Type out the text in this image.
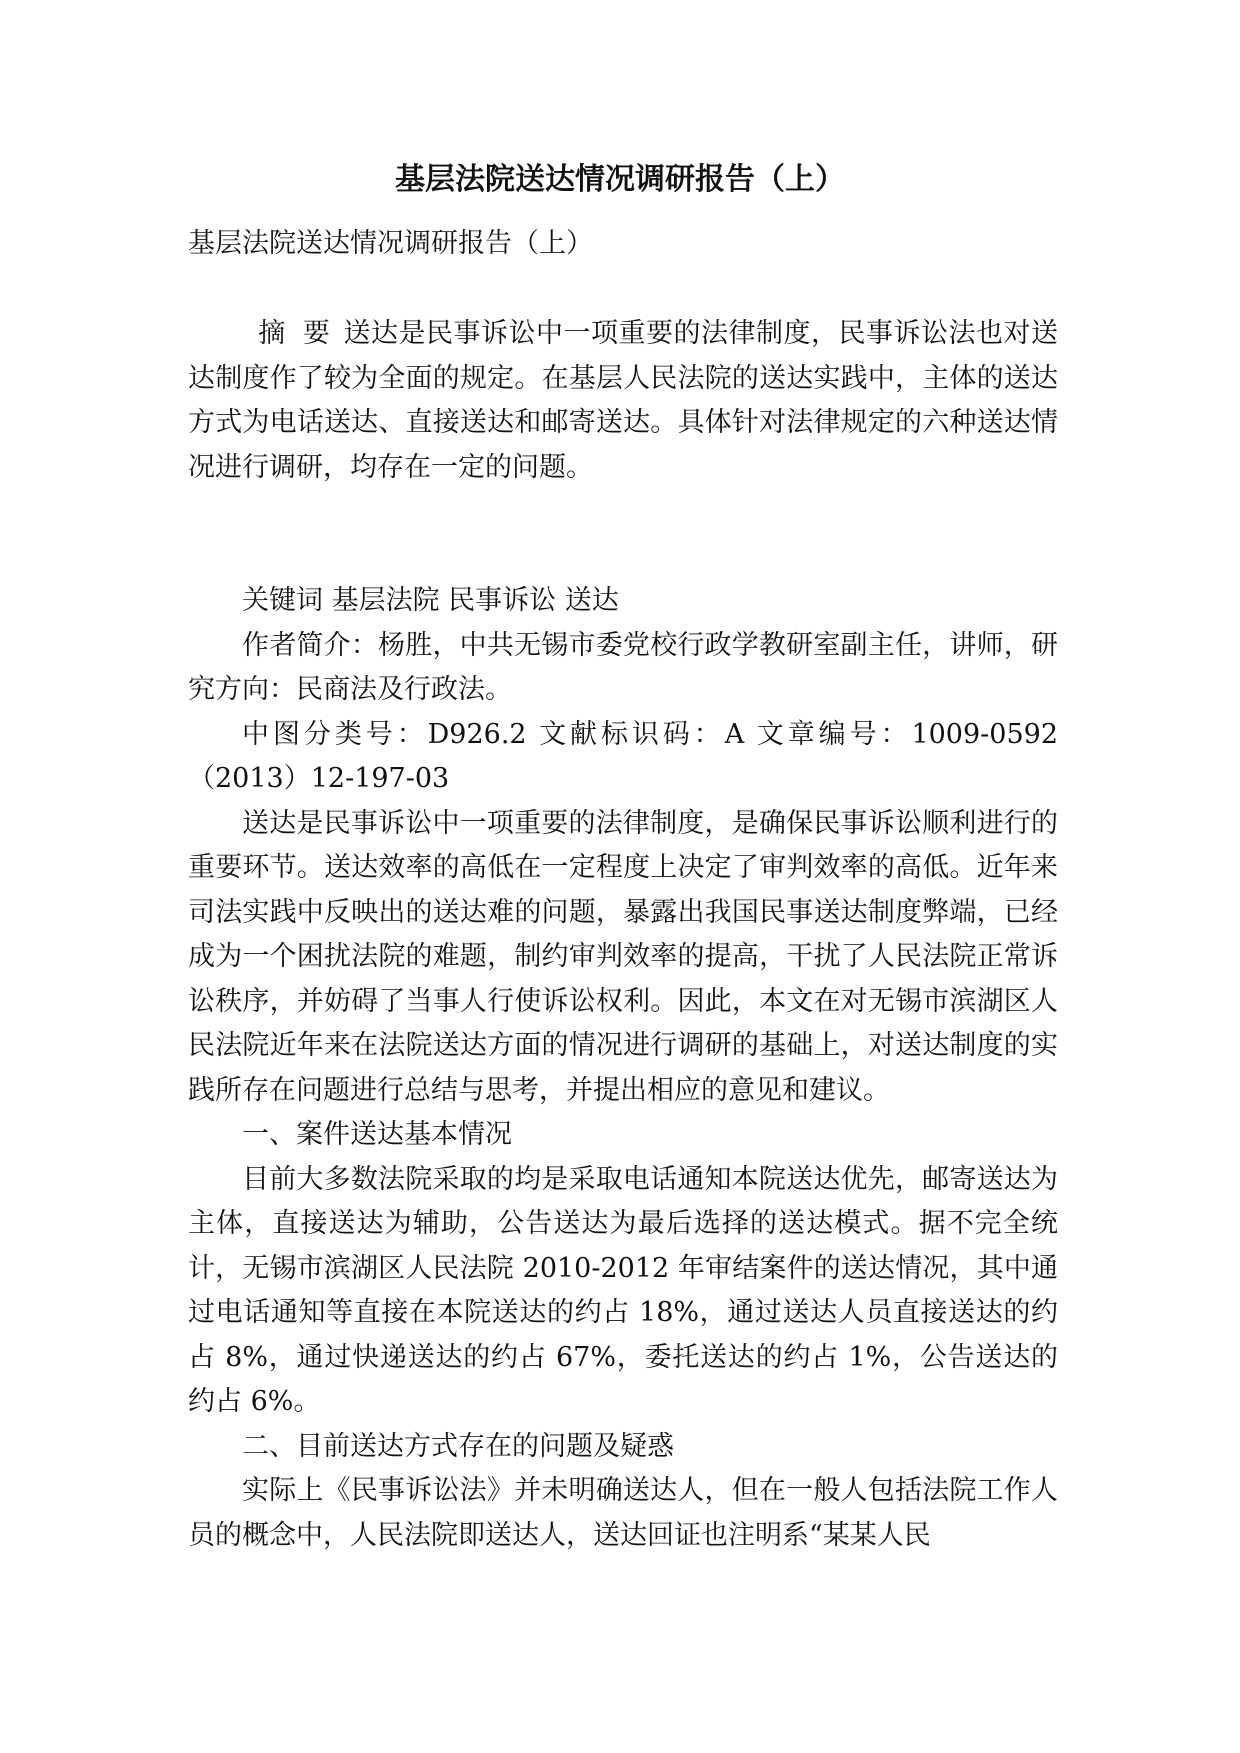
基层法院送达情况调研报告（上）
基层法院送达情况调研报告（上）

摘 要 送达是民事诉讼中一项重要的法律制度，民事诉讼法也对送达制度作了较为全面的规定。在基层人民法院的送达实践中，主体的送达方式为电话送达、直接送达和邮寄送达。具体针对法律规定的六种送达情况进行调研，均存在一定的问题。

关键词 基层法院 民事诉讼 送达

作者简介：杨胜，中共无锡市委党校行政学教研室副主任，讲师，研究方向：民商法及行政法。

中图分类号：D926.2 文献标识码：A 文章编号：1009-0592（2013）12-197-03

送达是民事诉讼中一项重要的法律制度，是确保民事诉讼顺利进行的重要环节。送达效率的高低在一定程度上决定了审判效率的高低。近年来司法实践中反映出的送达难的问题，暴露出我国民事送达制度弊端，已经成为一个困扰法院的难题，制约审判效率的提高，干扰了人民法院正常诉讼秩序，并妨碍了当事人行使诉讼权利。因此，本文在对无锡市滨湖区人民法院近年来在法院送达方面的情况进行调研的基础上，对送达制度的实践所存在问题进行总结与思考，并提出相应的意见和建议。

一、案件送达基本情况

目前大多数法院采取的均是采取电话通知本院送达优先，邮寄送达为主体，直接送达为辅助，公告送达为最后选择的送达模式。据不完全统计，无锡市滨湖区人民法院 2010-2012 年审结案件的送达情况，其中通过电话通知等直接在本院送达的约占 18%，通过送达人员直接送达的约占 8%，通过快递送达的约占 67%，委托送达的约占 1%，公告送达的约占 6%。

二、目前送达方式存在的问题及疑惑

实际上《民事诉讼法》并未明确送达人，但在一般人包括法院工作人员的概念中，人民法院即送达人，送达回证也注明系“某某人民
